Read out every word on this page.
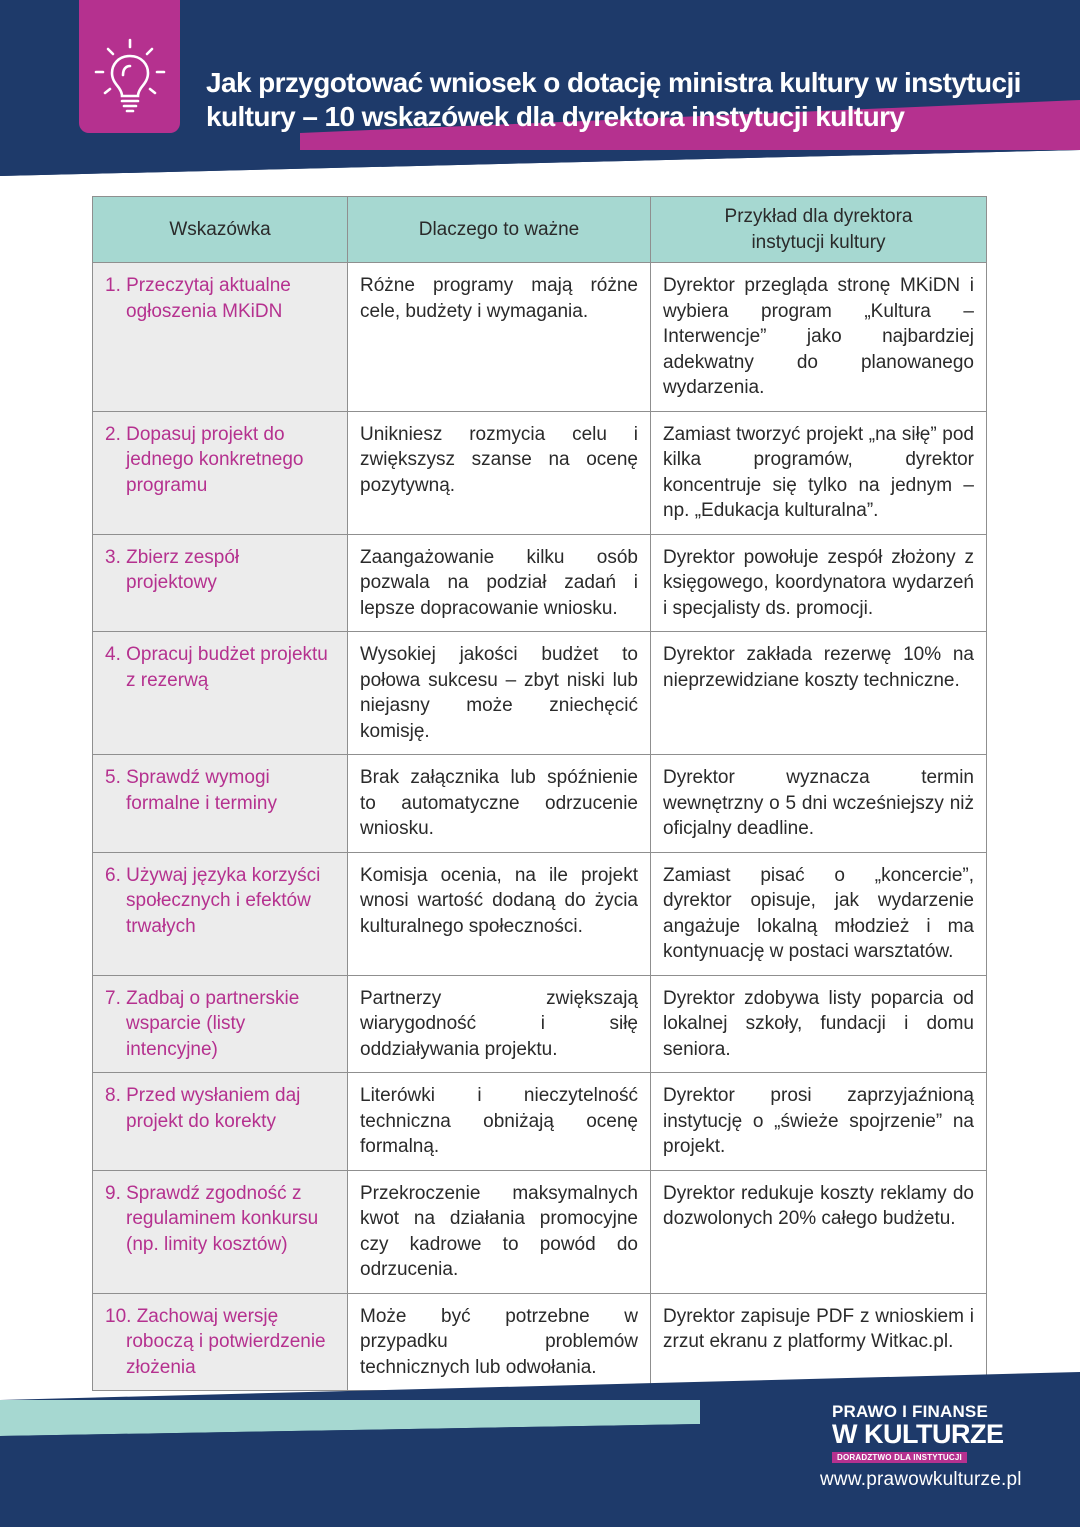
Jak przygotować wniosek o dotację ministra kultury w instytucji kultury – 10 wskazówek dla dyrektora instytucji kultury
Wskazówka	Dlaczego to ważne	Przykład dla dyrektora instytucji kultury

1. Przeczytaj aktualne ogłoszenia MKiDN	Różne programy mają różne cele, budżety i wymagania.	Dyrektor przegląda stronę MKiDN i wybiera program „Kultura – Interwencje” jako najbardziej adekwatny do planowanego wydarzenia.

2. Dopasuj projekt do jednego konkretnego programu	Unikniesz rozmycia celu i zwiększysz szanse na ocenę pozytywną.	Zamiast tworzyć projekt „na siłę” pod kilka programów, dyrektor koncentruje się tylko na jednym – np. „Edukacja kulturalna”.

3. Zbierz zespół projektowy	Zaangażowanie kilku osób pozwala na podział zadań i lepsze dopracowanie wniosku.	Dyrektor powołuje zespół złożony z księgowego, koordynatora wydarzeń i specjalisty ds. promocji.

4. Opracuj budżet projektu z rezerwą	Wysokiej jakości budżet to połowa sukcesu – zbyt niski lub niejasny może zniechęcić komisję.	Dyrektor zakłada rezerwę 10% na nieprzewidziane koszty techniczne.

5. Sprawdź wymogi formalne i terminy	Brak załącznika lub spóźnienie to automatyczne odrzucenie wniosku.	Dyrektor wyznacza termin wewnętrzny o 5 dni wcześniejszy niż oficjalny deadline.

6. Używaj języka korzyści społecznych i efektów trwałych	Komisja ocenia, na ile projekt wnosi wartość dodaną do życia kulturalnego społeczności.	Zamiast pisać o „koncercie”, dyrektor opisuje, jak wydarzenie angażuje lokalną młodzież i ma kontynuację w postaci warsztatów.

7. Zadbaj o partnerskie wsparcie (listy intencyjne)	Partnerzy zwiększają wiarygodność i siłę oddziaływania projektu.	Dyrektor zdobywa listy poparcia od lokalnej szkoły, fundacji i domu seniora.

8. Przed wysłaniem daj projekt do korekty	Literówki i nieczytelność techniczna obniżają ocenę formalną.	Dyrektor prosi zaprzyjaźnioną instytucję o „świeże spojrzenie” na projekt.

9. Sprawdź zgodność z regulaminem konkursu (np. limity kosztów)	Przekroczenie maksymalnych kwot na działania promocyjne czy kadrowe to powód do odrzucenia.	Dyrektor redukuje koszty reklamy do dozwolonych 20% całego budżetu.

10. Zachowaj wersję roboczą i potwierdzenie złożenia	Może być potrzebne w przypadku problemów technicznych lub odwołania.	Dyrektor zapisuje PDF z wnioskiem i zrzut ekranu z platformy Witkac.pl.
PRAWO I FINANSE
W KULTURZE
DORADZTWO DLA INSTYTUCJI
www.prawowkulturze.pl
